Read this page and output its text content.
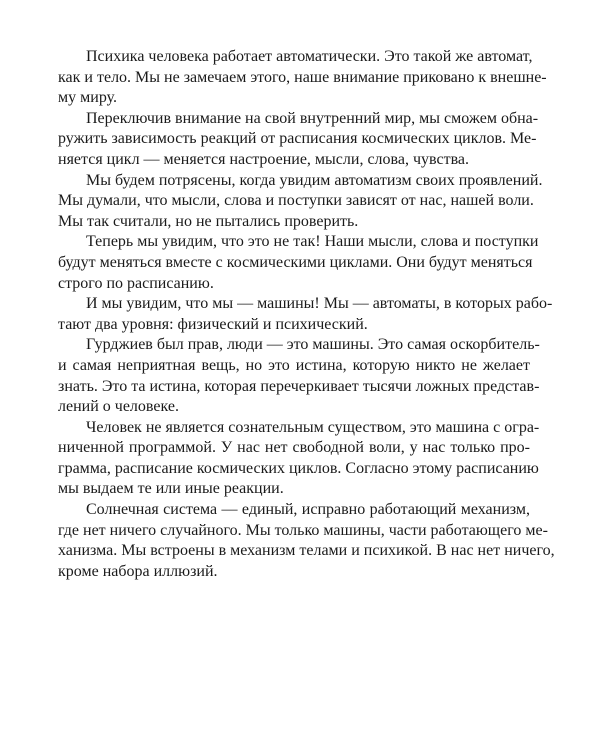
Психика человека работает автоматически. Это такой же автомат,
как и тело. Мы не замечаем этого, наше внимание приковано к внешне-
му миру.

Переключив внимание на свой внутренний мир, мы сможем обна-
ружить зависимость реакций от расписания космических циклов. Ме-
няется цикл — меняется настроение, мысли, слова, чувства.

Мы будем потрясены, когда увидим автоматизм своих проявлений.
Мы думали, что мысли, слова и поступки зависят от нас, нашей воли.
Мы так считали, но не пытались проверить.

Теперь мы увидим, что это не так! Наши мысли, слова и поступки
будут меняться вместе с космическими циклами. Они будут меняться
строго по расписанию.

И мы увидим, что мы — машины! Мы — автоматы, в которых рабо-
тают два уровня: физический и психический.

Гурджиев был прав, люди — это машины. Это самая оскорбитель-
и самая неприятная вещь, но это истина, которую никто не желает
знать. Это та истина, которая перечеркивает тысячи ложных представ-
лений о человеке.

Человек не является сознательным существом, это машина с огра-
ниченной программой. У нас нет свободной воли, у нас только про-
грамма, расписание космических циклов. Согласно этому расписанию
мы выдаем те или иные реакции.

Солнечная система — единый, исправно работающий механизм,
где нет ничего случайного. Мы только машины, части работающего ме-
ханизма. Мы встроены в механизм телами и психикой. В нас нет ничего,
кроме набора иллюзий.
